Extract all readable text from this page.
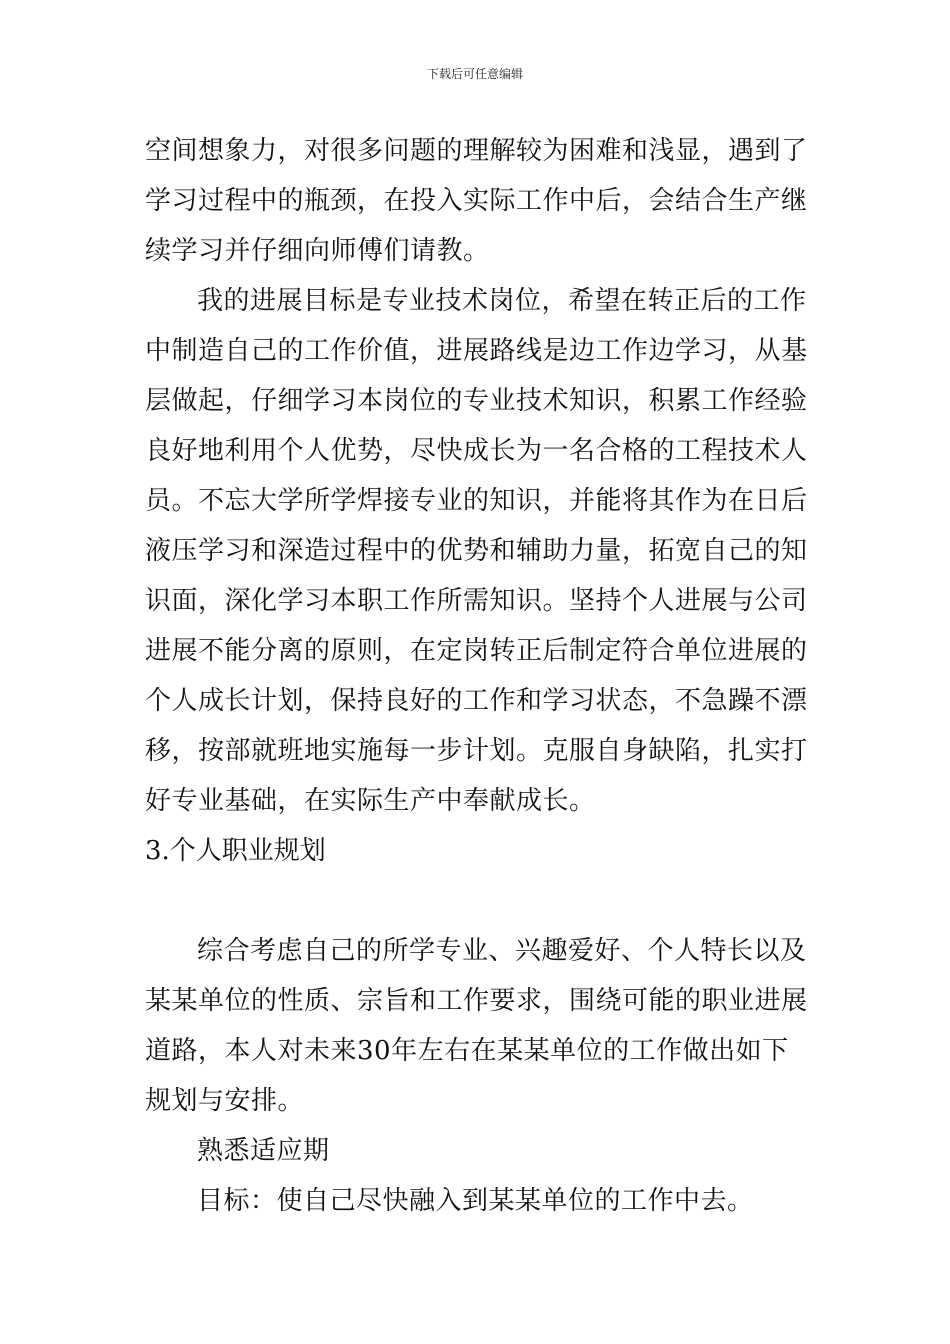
下载后可任意编辑

空间想象力，对很多问题的理解较为困难和浅显，遇到了学习过程中的瓶颈，在投入实际工作中后，会结合生产继续学习并仔细向师傅们请教。

我的进展目标是专业技术岗位，希望在转正后的工作中制造自己的工作价值，进展路线是边工作边学习，从基层做起，仔细学习本岗位的专业技术知识，积累工作经验良好地利用个人优势，尽快成长为一名合格的工程技术人员。不忘大学所学焊接专业的知识，并能将其作为在日后液压学习和深造过程中的优势和辅助力量，拓宽自己的知识面，深化学习本职工作所需知识。坚持个人进展与公司进展不能分离的原则，在定岗转正后制定符合单位进展的个人成长计划，保持良好的工作和学习状态，不急躁不漂移，按部就班地实施每一步计划。克服自身缺陷，扎实打好专业基础，在实际生产中奉献成长。

3.个人职业规划

综合考虑自己的所学专业、兴趣爱好、个人特长以及某某单位的性质、宗旨和工作要求，围绕可能的职业进展道路，本人对未来30年左右在某某单位的工作做出如下规划与安排。

熟悉适应期

目标：使自己尽快融入到某某单位的工作中去。
